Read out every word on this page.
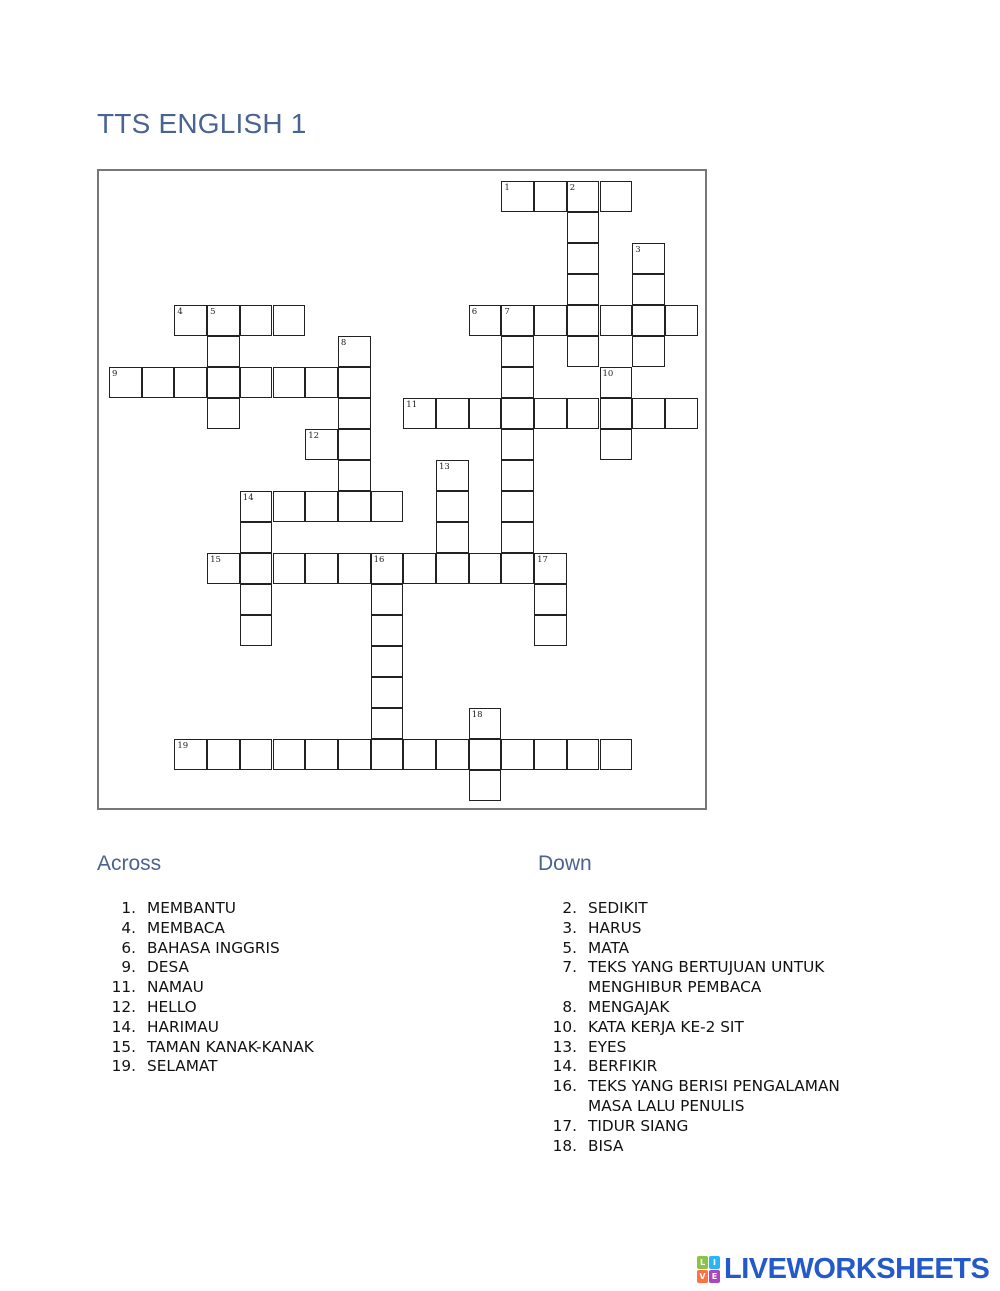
TTS ENGLISH 1
1	2
3
4	5	6	7
8
9	10
11
12
13
14
15	16	17
18
19
Across
1. MEMBANTU
4. MEMBACA
6. BAHASA INGGRIS
9. DESA
11. NAMAU
12. HELLO
14. HARIMAU
15. TAMAN KANAK-KANAK
19. SELAMAT
Down
2. SEDIKIT
3. HARUS
5. MATA
7. TEKS YANG BERTUJUAN UNTUK
MENGHIBUR PEMBACA
8. MENGAJAK
10. KATA KERJA KE-2 SIT
13. EYES
14. BERFIKIR
16. TEKS YANG BERISI PENGALAMAN
MASA LALU PENULIS
17. TIDUR SIANG
18. BISA
L I
V E LIVEWORKSHEETS
